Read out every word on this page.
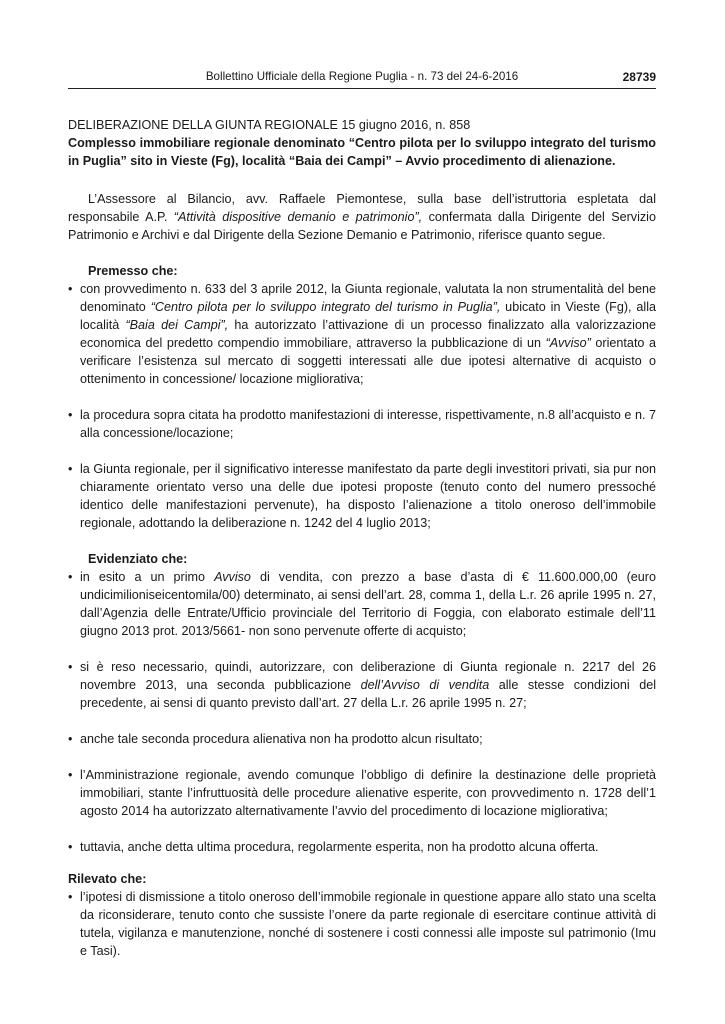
Bollettino Ufficiale della Regione Puglia - n. 73 del 24-6-2016	28739

DELIBERAZIONE DELLA GIUNTA REGIONALE 15 giugno 2016, n. 858

Complesso immobiliare regionale denominato “Centro pilota per lo sviluppo integrato del turismo in Puglia” sito in Vieste (Fg), località “Baia dei Campi” – Avvio procedimento di alienazione.

L’Assessore al Bilancio, avv. Raffaele Piemontese, sulla base dell’istruttoria espletata dal responsabile A.P. “Attività dispositive demanio e patrimonio”, confermata dalla Dirigente del Servizio Patrimonio e Archivi e dal Dirigente della Sezione Demanio e Patrimonio, riferisce quanto segue.

Premesso che:

• con provvedimento n. 633 del 3 aprile 2012, la Giunta regionale, valutata la non strumentalità del bene denominato “Centro pilota per lo sviluppo integrato del turismo in Puglia”, ubicato in Vieste (Fg), alla località “Baia dei Campi”, ha autorizzato l’attivazione di un processo finalizzato alla valorizzazione economica del predetto compendio immobiliare, attraverso la pubblicazione di un “Avviso” orientato a verificare l’esistenza sul mercato di soggetti interessati alle due ipotesi alternative di acquisto o ottenimento in concessione/ locazione migliorativa;
• la procedura sopra citata ha prodotto manifestazioni di interesse, rispettivamente, n.8 all’acquisto e n. 7 alla concessione/locazione;
• la Giunta regionale, per il significativo interesse manifestato da parte degli investitori privati, sia pur non chiaramente orientato verso una delle due ipotesi proposte (tenuto conto del numero pressoché identico delle manifestazioni pervenute), ha disposto l’alienazione a titolo oneroso dell’immobile regionale, adottando la deliberazione n. 1242 del 4 luglio 2013;

Evidenziato che:

• in esito a un primo Avviso di vendita, con prezzo a base d’asta di € 11.600.000,00 (euro undicimilioniseicentomila/00) determinato, ai sensi dell’art. 28, comma 1, della L.r. 26 aprile 1995 n. 27, dall’Agenzia delle Entrate/Ufficio provinciale del Territorio di Foggia, con elaborato estimale dell’11 giugno 2013 prot. 2013/5661- non sono pervenute offerte di acquisto;
• si è reso necessario, quindi, autorizzare, con deliberazione di Giunta regionale n. 2217 del 26 novembre 2013, una seconda pubblicazione dell’Avviso di vendita alle stesse condizioni del precedente, ai sensi di quanto previsto dall’art. 27 della L.r. 26 aprile 1995 n. 27;
• anche tale seconda procedura alienativa non ha prodotto alcun risultato;
• l’Amministrazione regionale, avendo comunque l’obbligo di definire la destinazione delle proprietà immobiliari, stante l’infruttuosità delle procedure alienative esperite, con provvedimento n. 1728 dell’1 agosto 2014 ha autorizzato alternativamente l’avvio del procedimento di locazione migliorativa;
• tuttavia, anche detta ultima procedura, regolarmente esperita, non ha prodotto alcuna offerta.

Rilevato che:

• l’ipotesi di dismissione a titolo oneroso dell’immobile regionale in questione appare allo stato una scelta da riconsiderare, tenuto conto che sussiste l’onere da parte regionale di esercitare continue attività di tutela, vigilanza e manutenzione, nonché di sostenere i costi connessi alle imposte sul patrimonio (Imu e Tasi).
